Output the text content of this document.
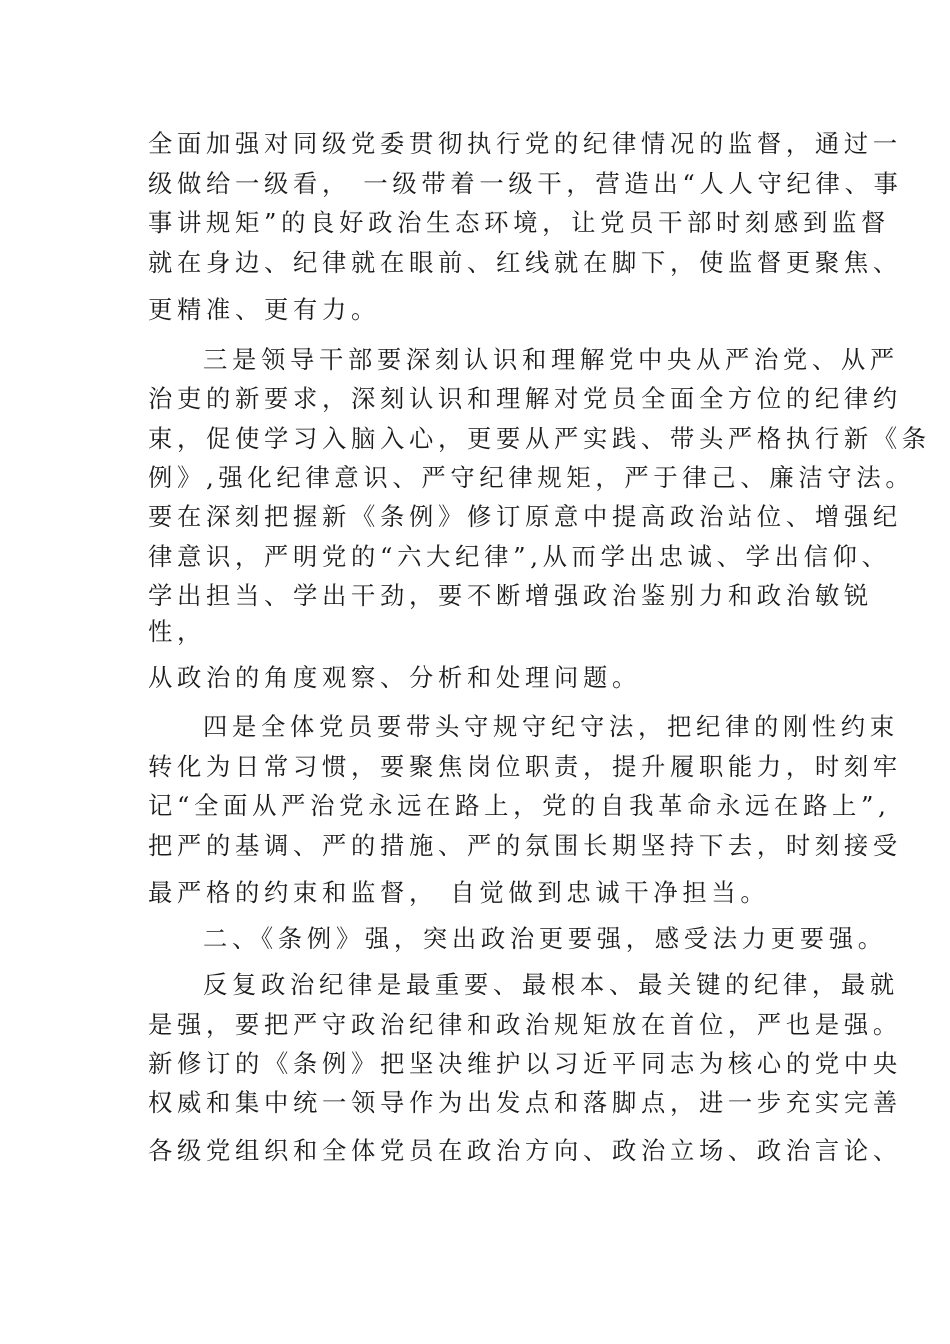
全面加强对同级党委贯彻执行党的纪律情况的监督，通过一

级做给一级看， 一级带着一级干，营造出“人人守纪律、事

事讲规矩”的良好政治生态环境，让党员干部时刻感到监督

就在身边、纪律就在眼前、红线就在脚下，使监督更聚焦、

更精准、更有力。

三是领导干部要深刻认识和理解党中央从严治党、从严

治吏的新要求，深刻认识和理解对党员全面全方位的纪律约

束，促使学习入脑入心，更要从严实践、带头严格执行新《条

例》,强化纪律意识、严守纪律规矩，严于律己、廉洁守法。

要在深刻把握新《条例》修订原意中提高政治站位、增强纪

律意识，严明党的“六大纪律”,从而学出忠诚、学出信仰、

学出担当、学出干劲，要不断增强政治鉴别力和政治敏锐

性，

从政治的角度观察、分析和处理问题。

四是全体党员要带头守规守纪守法，把纪律的刚性约束

转化为日常习惯，要聚焦岗位职责，提升履职能力，时刻牢

记“全面从严治党永远在路上，党的自我革命永远在路上”,

把严的基调、严的措施、严的氛围长期坚持下去，时刻接受

最严格的约束和监督， 自觉做到忠诚干净担当。

二、《条例》强，突出政治更要强，感受法力更要强。

反复政治纪律是最重要、最根本、最关键的纪律，最就

是强，要把严守政治纪律和政治规矩放在首位，严也是强。

新修订的《条例》把坚决维护以习近平同志为核心的党中央

权威和集中统一领导作为出发点和落脚点，进一步充实完善

各级党组织和全体党员在政治方向、政治立场、政治言论、
